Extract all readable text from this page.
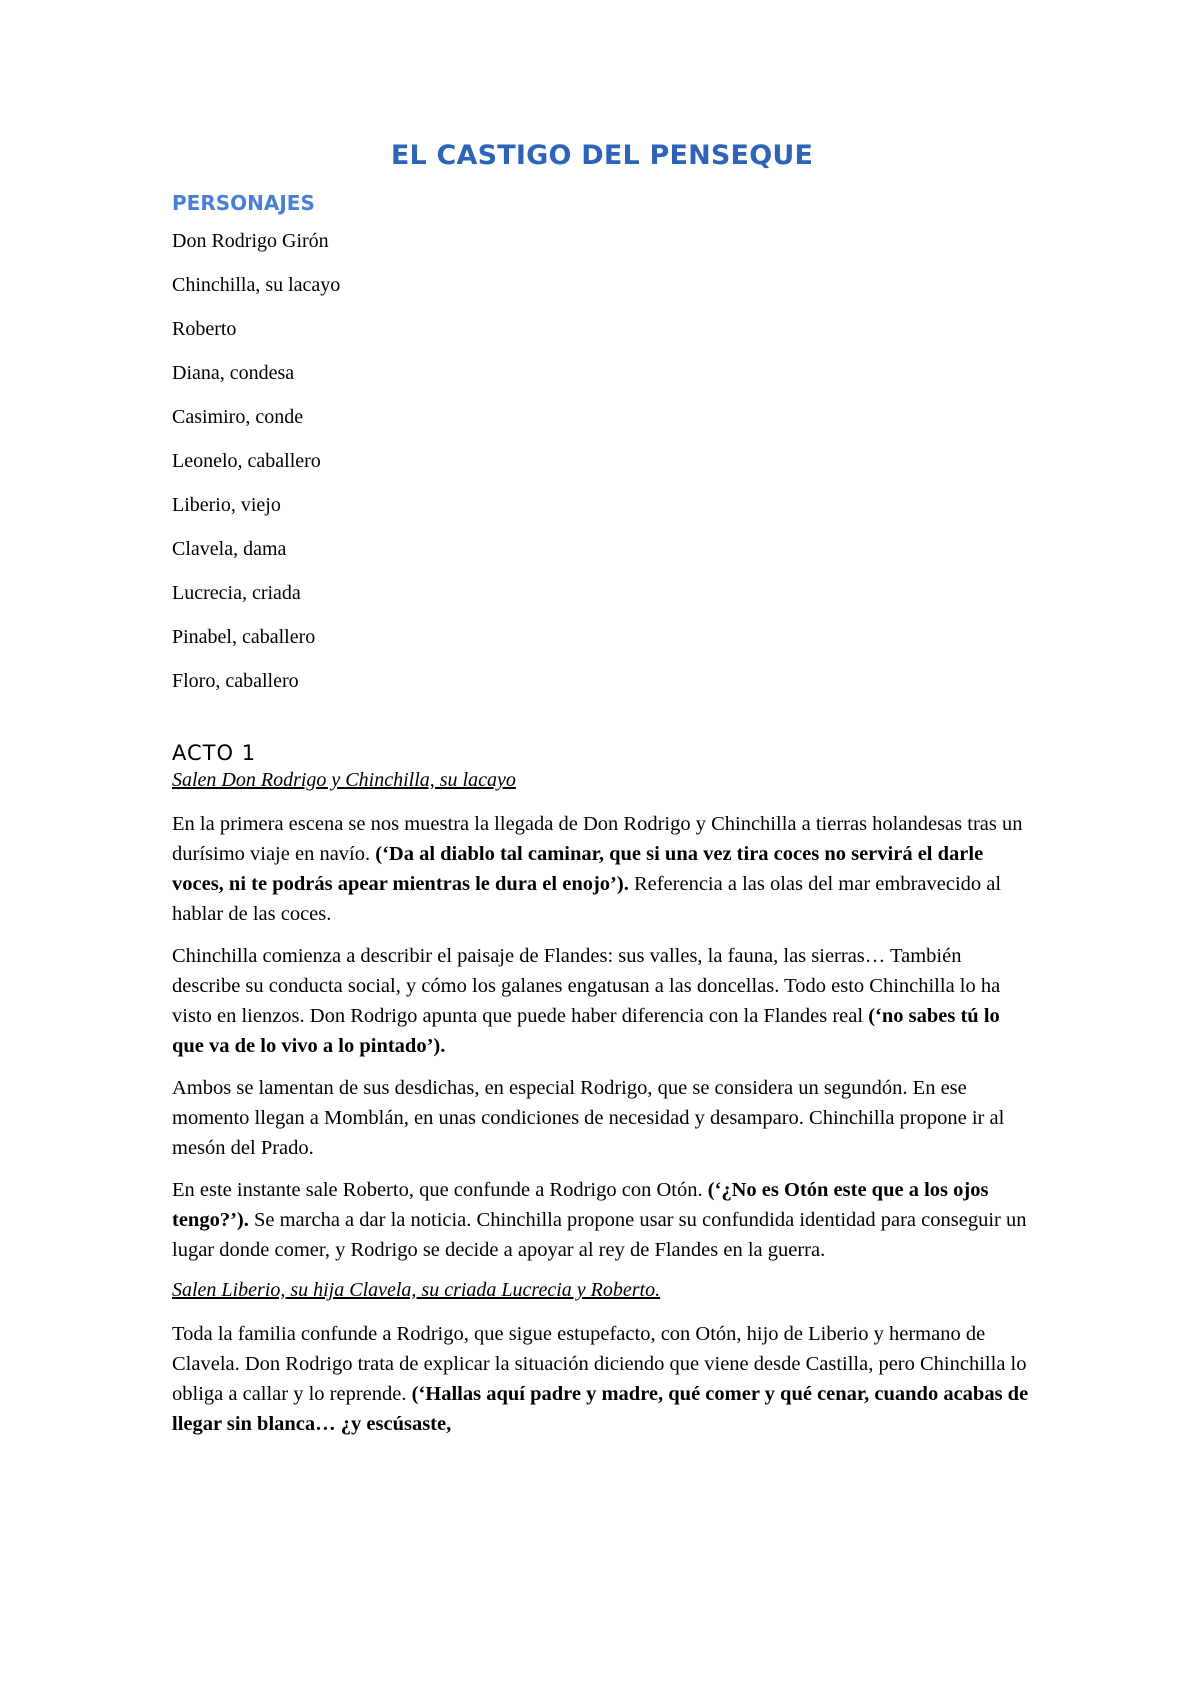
EL CASTIGO DEL PENSEQUE
PERSONAJES
Don Rodrigo Girón
Chinchilla, su lacayo
Roberto
Diana, condesa
Casimiro, conde
Leonelo, caballero
Liberio, viejo
Clavela, dama
Lucrecia, criada
Pinabel, caballero
Floro, caballero
ACTO 1

Salen Don Rodrigo y Chinchilla, su lacayo

En la primera escena se nos muestra la llegada de Don Rodrigo y Chinchilla a tierras holandesas tras un durísimo viaje en navío. (‘Da al diablo tal caminar, que si una vez tira coces no servirá el darle voces, ni te podrás apear mientras le dura el enojo’). Referencia a las olas del mar embravecido al hablar de las coces.

Chinchilla comienza a describir el paisaje de Flandes: sus valles, la fauna, las sierras… También describe su conducta social, y cómo los galanes engatusan a las doncellas. Todo esto Chinchilla lo ha visto en lienzos. Don Rodrigo apunta que puede haber diferencia con la Flandes real (‘no sabes tú lo que va de lo vivo a lo pintado’).

Ambos se lamentan de sus desdichas, en especial Rodrigo, que se considera un segundón. En ese momento llegan a Momblán, en unas condiciones de necesidad y desamparo. Chinchilla propone ir al mesón del Prado.

En este instante sale Roberto, que confunde a Rodrigo con Otón. (‘¿No es Otón este que a los ojos tengo?’). Se marcha a dar la noticia. Chinchilla propone usar su confundida identidad para conseguir un lugar donde comer, y Rodrigo se decide a apoyar al rey de Flandes en la guerra.

Salen Liberio, su hija Clavela, su criada Lucrecia y Roberto.

Toda la familia confunde a Rodrigo, que sigue estupefacto, con Otón, hijo de Liberio y hermano de Clavela. Don Rodrigo trata de explicar la situación diciendo que viene desde Castilla, pero Chinchilla lo obliga a callar y lo reprende. (‘Hallas aquí padre y madre, qué comer y qué cenar, cuando acabas de llegar sin blanca… ¿y escúsaste,
